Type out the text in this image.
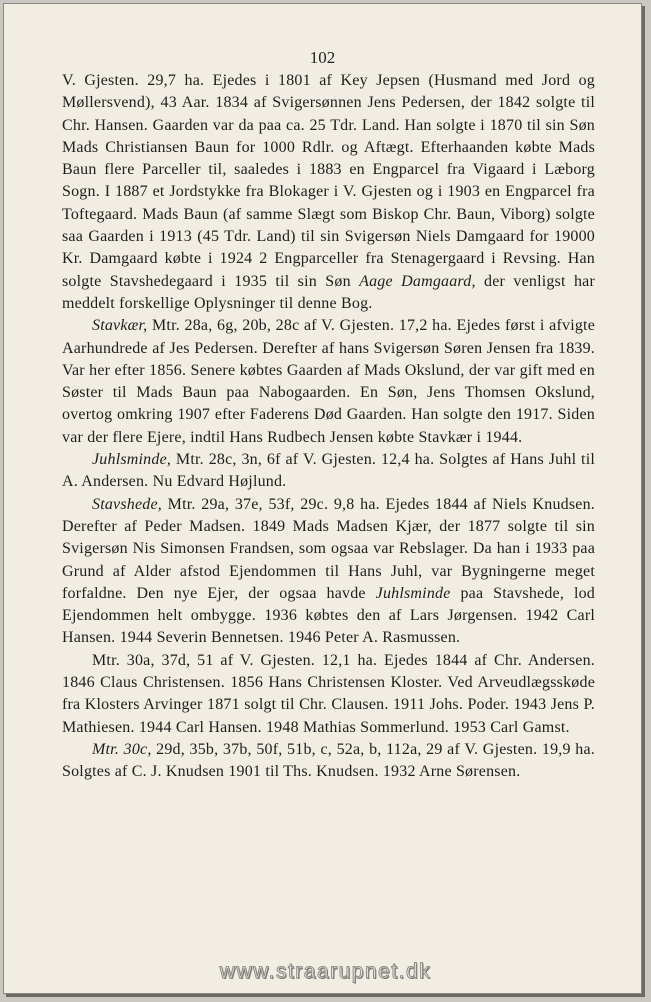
102

V. Gjesten. 29,7 ha. Ejedes i 1801 af Key Jepsen (Husmand med Jord og Møllersvend), 43 Aar. 1834 af Svigersønnen Jens Pedersen, der 1842 solgte til Chr. Hansen. Gaarden var da paa ca. 25 Tdr. Land. Han solgte i 1870 til sin Søn Mads Christiansen Baun for 1000 Rdlr. og Aftægt. Efterhaanden købte Mads Baun flere Parceller til, saaledes i 1883 en Engparcel fra Vigaard i Læborg Sogn. I 1887 et Jordstykke fra Blokager i V. Gjesten og i 1903 en Engparcel fra Toftegaard. Mads Baun (af samme Slægt som Biskop Chr. Baun, Viborg) solgte saa Gaarden i 1913 (45 Tdr. Land) til sin Svigersøn Niels Damgaard for 19000 Kr. Damgaard købte i 1924 2 Engparceller fra Stenagergaard i Revsing. Han solgte Stavshedegaard i 1935 til sin Søn Aage Damgaard, der venligst har meddelt forskellige Oplysninger til denne Bog.

Stavkær, Mtr. 28a, 6g, 20b, 28c af V. Gjesten. 17,2 ha. Ejedes først i afvigte Aarhundrede af Jes Pedersen. Derefter af hans Svigersøn Søren Jensen fra 1839. Var her efter 1856. Senere købtes Gaarden af Mads Okslund, der var gift med en Søster til Mads Baun paa Nabogaarden. En Søn, Jens Thomsen Okslund, overtog omkring 1907 efter Faderens Død Gaarden. Han solgte den 1917. Siden var der flere Ejere, indtil Hans Rudbech Jensen købte Stavkær i 1944.

Juhlsminde, Mtr. 28c, 3n, 6f af V. Gjesten. 12,4 ha. Solgtes af Hans Juhl til A. Andersen. Nu Edvard Højlund.

Stavshede, Mtr. 29a, 37e, 53f, 29c. 9,8 ha. Ejedes 1844 af Niels Knudsen. Derefter af Peder Madsen. 1849 Mads Madsen Kjær, der 1877 solgte til sin Svigersøn Nis Simonsen Frandsen, som ogsaa var Rebslager. Da han i 1933 paa Grund af Alder afstod Ejendommen til Hans Juhl, var Bygningerne meget forfaldne. Den nye Ejer, der ogsaa havde Juhlsminde paa Stavshede, lod Ejendommen helt ombygge. 1936 købtes den af Lars Jørgensen. 1942 Carl Hansen. 1944 Severin Bennetsen. 1946 Peter A. Rasmussen.

Mtr. 30a, 37d, 51 af V. Gjesten. 12,1 ha. Ejedes 1844 af Chr. Andersen. 1846 Claus Christensen. 1856 Hans Christensen Kloster. Ved Arveudlægsskøde fra Klosters Arvinger 1871 solgt til Chr. Clausen. 1911 Johs. Poder. 1943 Jens P. Mathiesen. 1944 Carl Hansen. 1948 Mathias Sommerlund. 1953 Carl Gamst.

Mtr. 30c, 29d, 35b, 37b, 50f, 51b, c, 52a, b, 112a, 29 af V. Gjesten. 19,9 ha. Solgtes af C. J. Knudsen 1901 til Ths. Knudsen. 1932 Arne Sørensen.

www.straarupnet.dk
